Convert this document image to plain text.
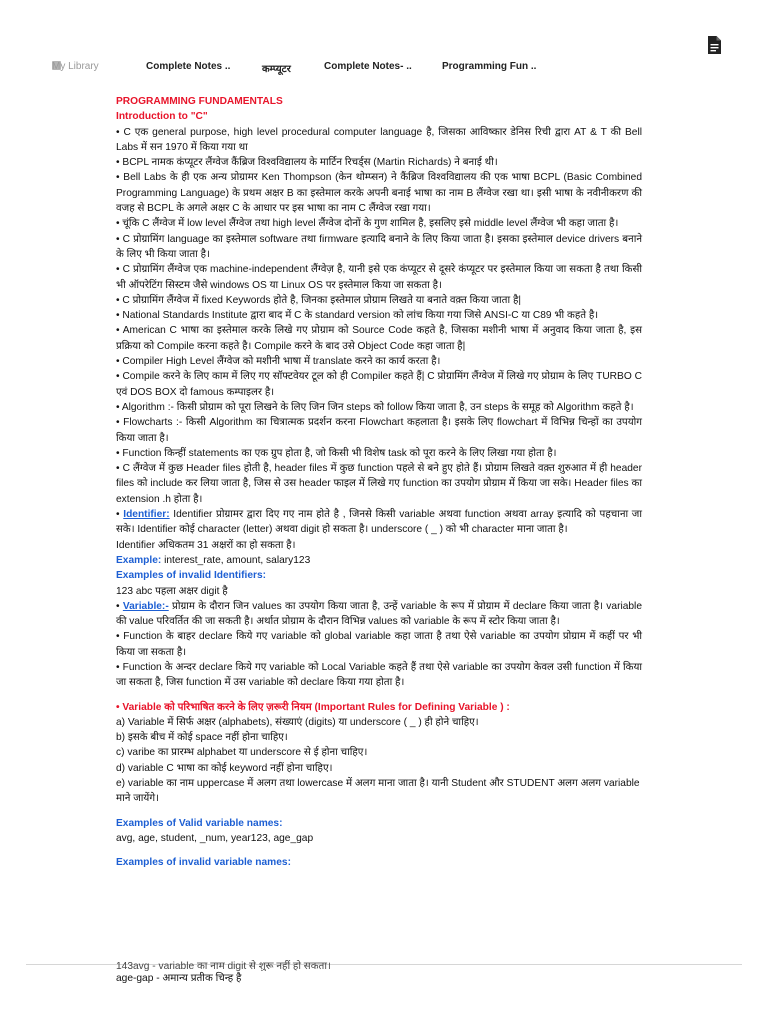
My Library	Complete Notes ..	कम्प्यूटर	Complete Notes- ..	Programming Fun ..

PROGRAMMING FUNDAMENTALS

Introduction to "C"

• C एक general purpose, high level procedural computer language है, जिसका आविष्कार डेनिस रिची द्वारा AT & T की Bell Labs में सन 1970 में किया गया था

• BCPL नामक कंप्यूटर लैंग्वेज कैंब्रिज विश्वविद्यालय के मार्टिन रिचर्ड्स (Martin Richards) ने बनाई थी।

• Bell Labs के ही एक अन्य प्रोग्रामर Ken Thompson (केन थोम्प्सन) ने कैंब्रिज विश्वविद्यालय की एक भाषा BCPL (Basic Combined Programming Language) के प्रथम अक्षर B का इस्तेमाल करके अपनी बनाई भाषा का नाम B लैंग्वेज रखा था। इसी भाषा के नवीनीकरण की वजह से BCPL के अगले अक्षर C के आधार पर इस भाषा का नाम C लैंग्वेज रखा गया।

• चूंकि C लैंग्वेज में low level लैंग्वेज तथा high level लैंग्वेज दोनों के गुण शामिल है, इसलिए इसे middle level लैंग्वेज भी कहा जाता है।

• C प्रोग्रामिंग language का इस्तेमाल software तथा firmware इत्यादि बनाने के लिए किया जाता है। इसका इस्तेमाल device drivers बनाने के लिए भी किया जाता है।

• C प्रोग्रामिंग लैंग्वेज एक machine-independent लैंग्वेज़ है, यानी इसे एक कंप्यूटर से दूसरे कंप्यूटर पर इस्तेमाल किया जा सकता है तथा किसी भी ऑपरेटिंग सिस्टम जैसे windows OS या Linux OS पर इस्तेमाल किया जा सकता है।

• C प्रोग्रामिंग लैंग्वेज में fixed Keywords होते है, जिनका इस्तेमाल प्रोग्राम लिखते या बनाते वक़्त किया जाता है|

• National Standards Institute द्वारा बाद में C के standard version को लांच किया गया जिसे ANSI-C या C89 भी कहते है।

• American C भाषा का इस्तेमाल करके लिखे गए प्रोग्राम को Source Code कहते है, जिसका मशीनी भाषा में अनुवाद किया जाता है, इस प्रक्रिया को Compile करना कहते है। Compile करने के बाद उसे Object Code कहा जाता है|

• Compiler High Level लैंग्वेज को मशीनी भाषा में translate करने का कार्य करता है।

• Compile करने के लिए काम में लिए गए सॉफ्टवेयर टूल को ही Compiler कहते हैं| C प्रोग्रामिंग लैंग्वेज में लिखे गए प्रोग्राम के लिए TURBO C एवं DOS BOX दो famous कम्पाइलर है।

• Algorithm :- किसी प्रोग्राम को पूरा लिखने के लिए जिन जिन steps को follow किया जाता है, उन steps के समूह को Algorithm कहते है।

• Flowcharts :- किसी Algorithm का चित्रात्मक प्रदर्शन करना Flowchart कहलाता है। इसके लिए flowchart में विभिन्न चिन्हों का उपयोग किया जाता है।

• Function किन्हीं statements का एक ग्रुप होता है, जो किसी भी विशेष task को पूरा करने के लिए लिखा गया होता है।

• C लैंग्वेज में कुछ Header files होती है, header files में कुछ function पहले से बने हुए होते हैं। प्रोग्राम लिखते वक़्त शुरुआत में ही header files को include कर लिया जाता है, जिस से उस header फाइल में लिखे गए function का उपयोग प्रोग्राम में किया जा सके। Header files का extension .h होता है।

• Identifier: Identifier प्रोग्रामर द्वारा दिए गए नाम होते है , जिनसे किसी variable अथवा function अथवा array इत्यादि को पहचाना जा सके। Identifier कोई character (letter) अथवा digit हो सकता है। underscore ( _ ) को भी character माना जाता है।

Identifier अधिकतम 31 अक्षरों का हो सकता है।

Example: interest_rate, amount, salary123

Examples of invalid Identifiers:

123 abc पहला अक्षर digit है

• Variable:- प्रोग्राम के दौरान जिन values का उपयोग किया जाता है, उन्हें variable के रूप में प्रोग्राम में declare किया जाता है। variable की value परिवर्तित की जा सकती है। अर्थात प्रोग्राम के दौरान विभिन्न values को variable के रूप में स्टोर किया जाता है।

• Function के बाहर declare किये गए variable को global variable कहा जाता है तथा ऐसे variable का उपयोग प्रोग्राम में कहीं पर भी किया जा सकता है।

• Function के अन्दर declare किये गए variable को Local Variable कहते हैं तथा ऐसे variable का उपयोग केवल उसी function में किया जा सकता है, जिस function में उस variable को declare किया गया होता है।

• Variable को परिभाषित करने के लिए ज़रूरी नियम (Important Rules for Defining Variable ) :

a) Variable में सिर्फ अक्षर (alphabets), संख्याएं (digits) या underscore ( _ ) ही होने चाहिए।

b) इसके बीच में कोई space नहीं होना चाहिए।

c) varibe का प्रारम्भ alphabet या underscore से ई होना चाहिए।

d) variable C भाषा का कोई keyword नहीं होना चाहिए।

e) variable का नाम uppercase में अलग तथा lowercase में अलग माना जाता है। यानी Student और STUDENT अलग अलग variable माने जायेंगे।

Examples of Valid variable names:

avg, age, student, _num, year123, age_gap

Examples of invalid variable names:

143avg - variable का नाम digit से शुरू नहीं हो सकता।

age-gap - अमान्य प्रतीक चिन्ह है
